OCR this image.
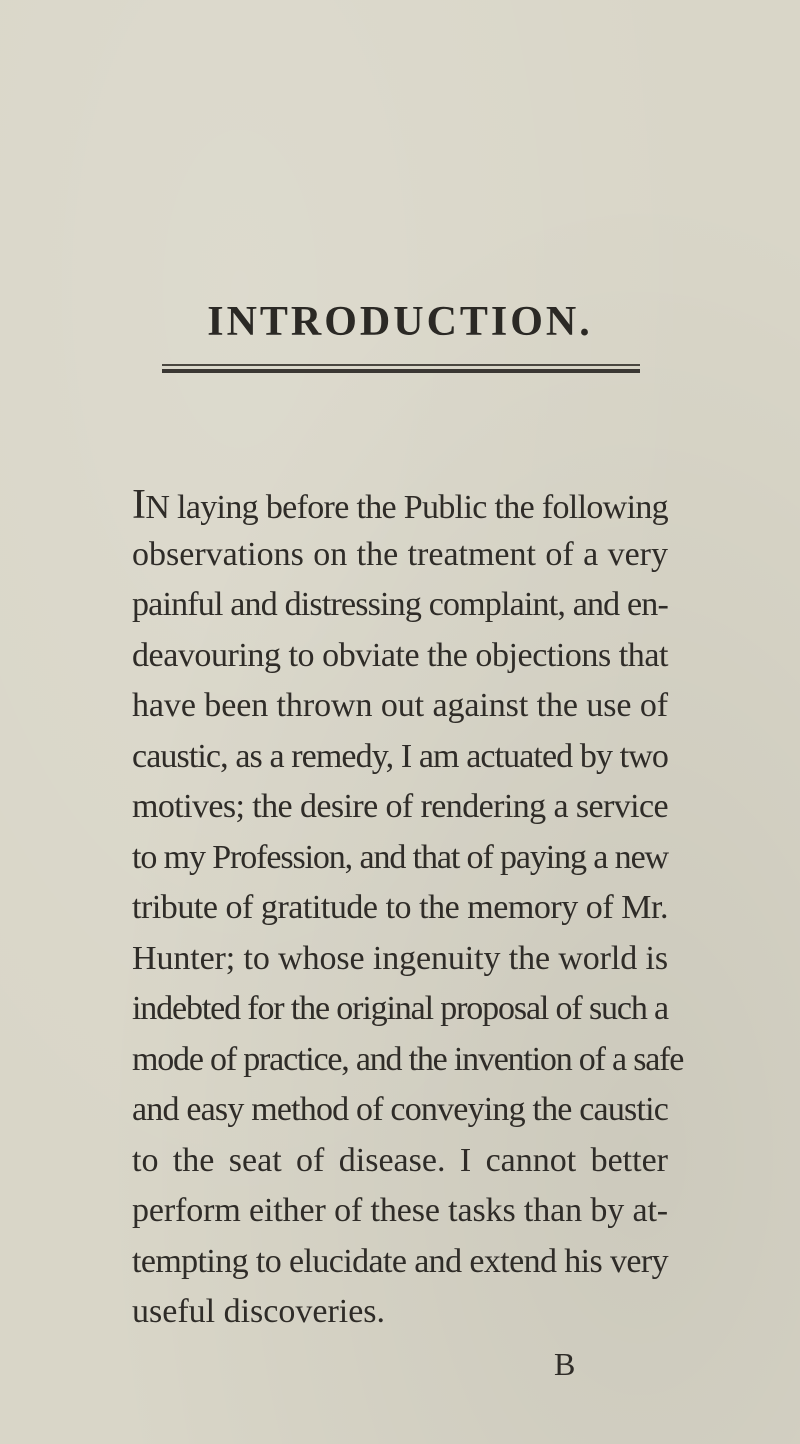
INTRODUCTION.
IN laying before the Public the following
observations on the treatment of a very
painful and distressing complaint, and en-
deavouring to obviate the objections that
have been thrown out against the use of
caustic, as a remedy, I am actuated by two
motives; the desire of rendering a service
to my Profession, and that of paying a new
tribute of gratitude to the memory of Mr.
Hunter; to whose ingenuity the world is
indebted for the original proposal of such a
mode of practice, and the invention of a safe
and easy method of conveying the caustic
to the seat of disease. I cannot better
perform either of these tasks than by at-
tempting to elucidate and extend his very
useful discoveries.
B
